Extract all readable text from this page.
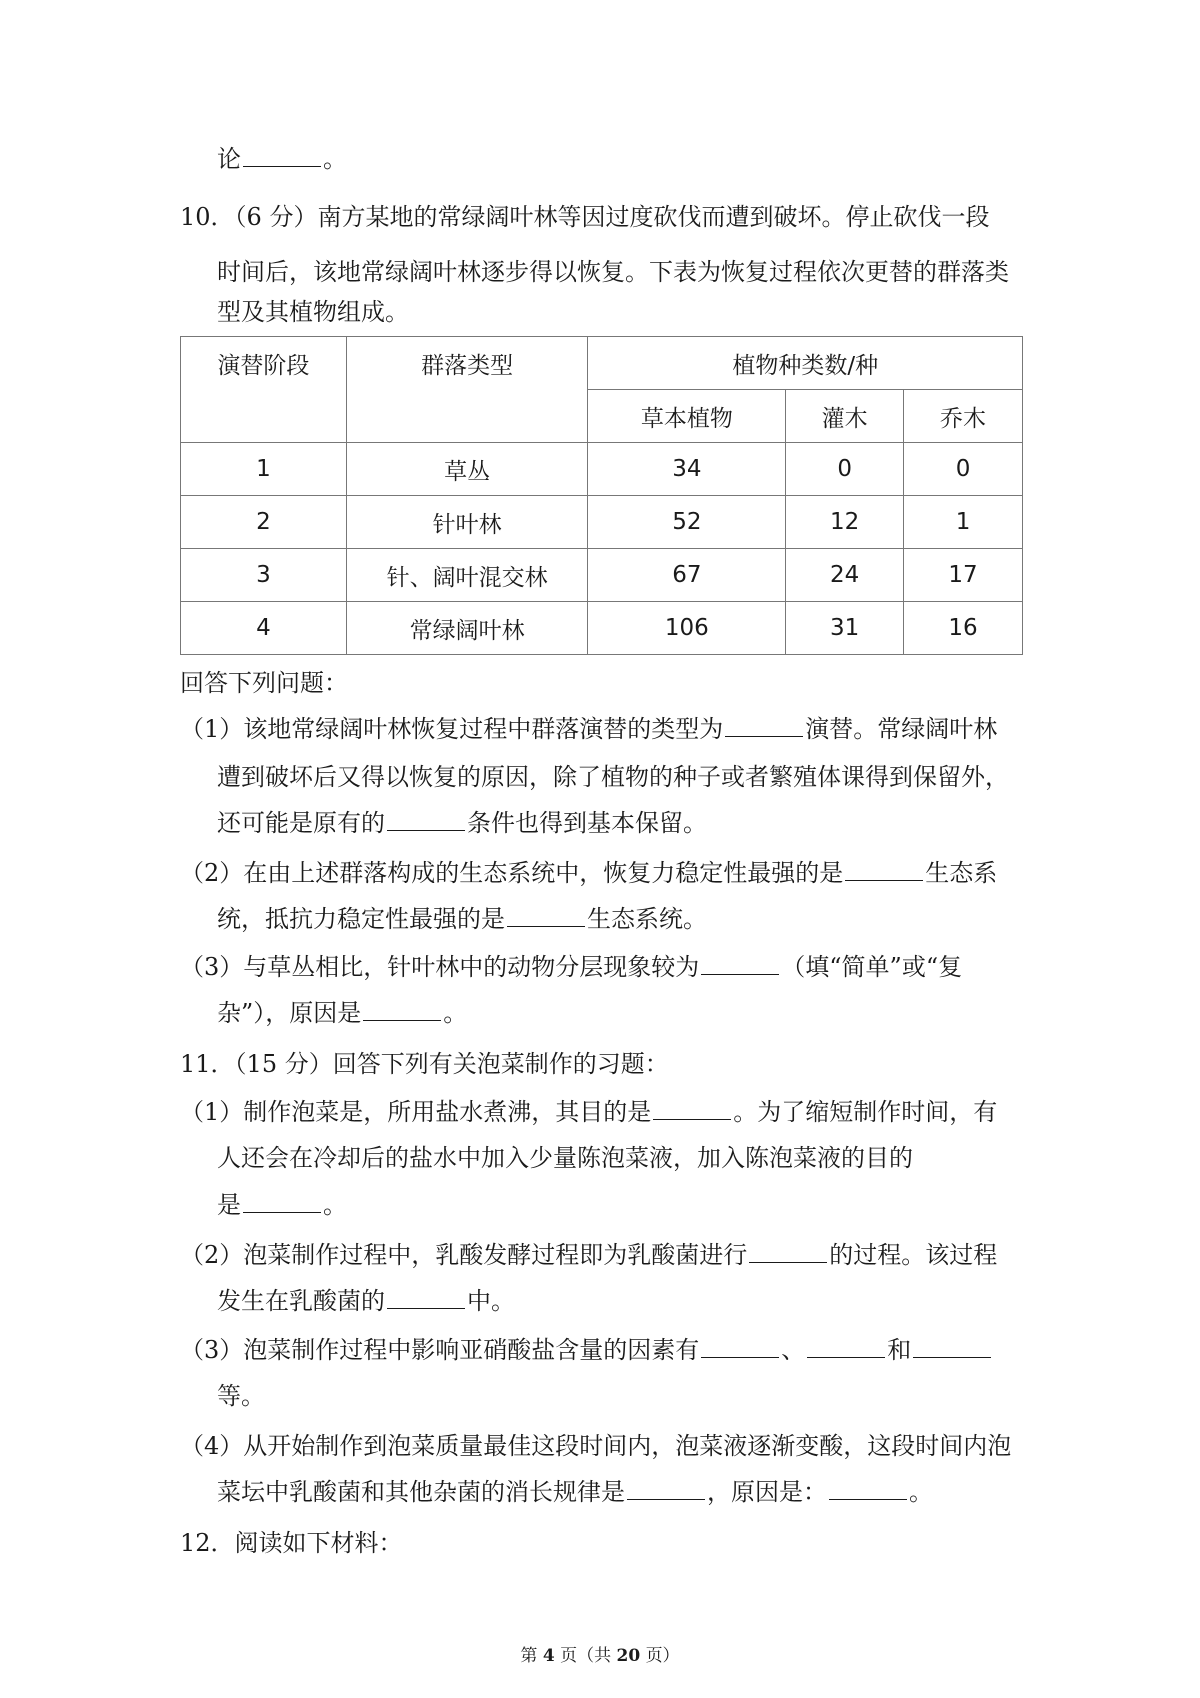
论	。
10．（6 分）南方某地的常绿阔叶林等因过度砍伐而遭到破坏。停止砍伐一段
时间后，该地常绿阔叶林逐步得以恢复。下表为恢复过程依次更替的群落类
型及其植物组成。
演替阶段	群落类型	植物种类数/种		
		草本植物	灌木	乔木
1	草丛	34	0	0
2	针叶林	52	12	1
3	针、阔叶混交林	67	24	17
4	常绿阔叶林	106	31	16
回答下列问题：
（1）该地常绿阔叶林恢复过程中群落演替的类型为	演替。常绿阔叶林
遭到破坏后又得以恢复的原因，除了植物的种子或者繁殖体课得到保留外，
还可能是原有的	条件也得到基本保留。
（2）在由上述群落构成的生态系统中，恢复力稳定性最强的是	生态系
统，抵抗力稳定性最强的是	生态系统。
（3）与草丛相比，针叶林中的动物分层现象较为	（填“简单”或“复
杂”），原因是	。
11．（15 分）回答下列有关泡菜制作的习题：
（1）制作泡菜是，所用盐水煮沸，其目的是	。为了缩短制作时间，有
人还会在冷却后的盐水中加入少量陈泡菜液，加入陈泡菜液的目的
是	。
（2）泡菜制作过程中，乳酸发酵过程即为乳酸菌进行	的过程。该过程
发生在乳酸菌的	中。
（3）泡菜制作过程中影响亚硝酸盐含量的因素有	、	和
等。
（4）从开始制作到泡菜质量最佳这段时间内，泡菜液逐渐变酸，这段时间内泡
菜坛中乳酸菌和其他杂菌的消长规律是	，原因是：	。
12．阅读如下材料：
第 4 页（共 20 页）
